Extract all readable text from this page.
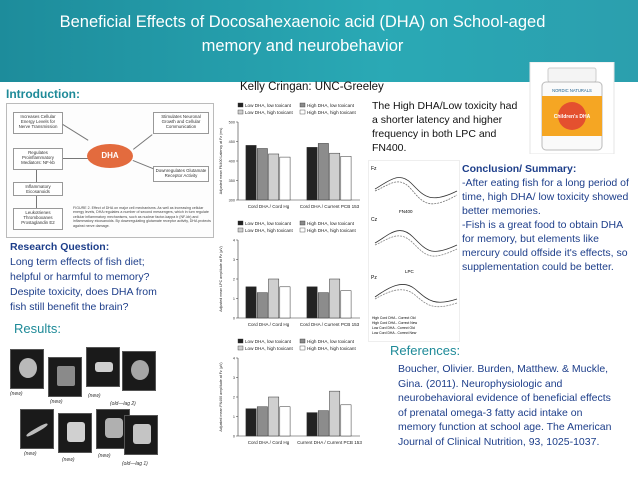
Beneficial Effects of Docosahexaenoic acid (DHA) on School-aged memory and neurobehavior
Kelly Cringan: UNC-Greeley
Introduction:
Increases Cellular Energy Levels for Nerve Transmission
Regulates Proinflammatory Mediators: NF-kb
Inflammatory Eicosanoids
Leukotrienes Thromboxanes Prostaglandin E2
Stimulates Neuronal Growth and Cellular Communication
Downregulates Glutamate Receptor Activity
DHA
FIGURE 2. Effect of DHA on major cell mechanisms. As well as increasing cellular energy levels, DHA regulates a number of second messengers, which in turn regulate cellular inflammatory mechanisms, such as nuclear factor-kappa b (NF-kb) and inflammatory eicosanoids. By downregulating glutamate receptor activity, DHA protects against nerve damage.
Research Question:
Long term effects of fish diet;
helpful or harmful to memory?
Despite toxicity, does DHA from
fish still benefit the brain?
Results:
(new)
(new)
(new)
(old—lag 2)
(new)
(new)
(new)
(old—lag 1)
Low DHA, low toxicant	High DHA, low toxicant
Low DHA, high toxicant	High DHA, high toxicant
Adjusted mean FN400 Latency at Fz (ms)
300
350
400
450
500
Cord DHA / Cord Hg Cord DHA / Current PCB 153
Low DHA, low toxicant	High DHA, low toxicant
Low DHA, high toxicant	High DHA, high toxicant
Adjusted mean LPC amplitude at Pz (µV)
0
1
2
3
4
Cord DHA / Cord Hg Cord DHA / Current PCB 153
Low DHA, low toxicant	High DHA, low toxicant
Low DHA, high toxicant	High DHA, high toxicant
Adjusted mean FN400 amplitude at Fz (µV)
0
1
2
3
4
Cord DHA / Cord Hg Current DHA / Current PCB 153
Fz
Cz
Pz
FN400
LPC
High Cord DHA - Correct Old
High Cord DHA - Correct New
Low Cord DHA - Correct Old
Low Cord DHA - Correct New
The High DHA/Low toxicity had a shorter latency and higher frequency in both LPC and FN400.
NORDIC NATURALS
Children's DHA
Conclusion/ Summary:
-After eating fish for a long period of time, high DHA/ low toxicity showed better memories.
-Fish is a great food to obtain DHA for memory, but elements like mercury could offside it's effects, so supplementation could be better.
References:
Boucher, Olivier. Burden, Matthew. & Muckle, Gina. (2011). Neurophysiologic and neurobehavioral evidence of beneficial effects of prenatal omega-3 fatty acid intake on memory function at school age. The American Journal of Clinical Nutrition, 93, 1025-1037.
